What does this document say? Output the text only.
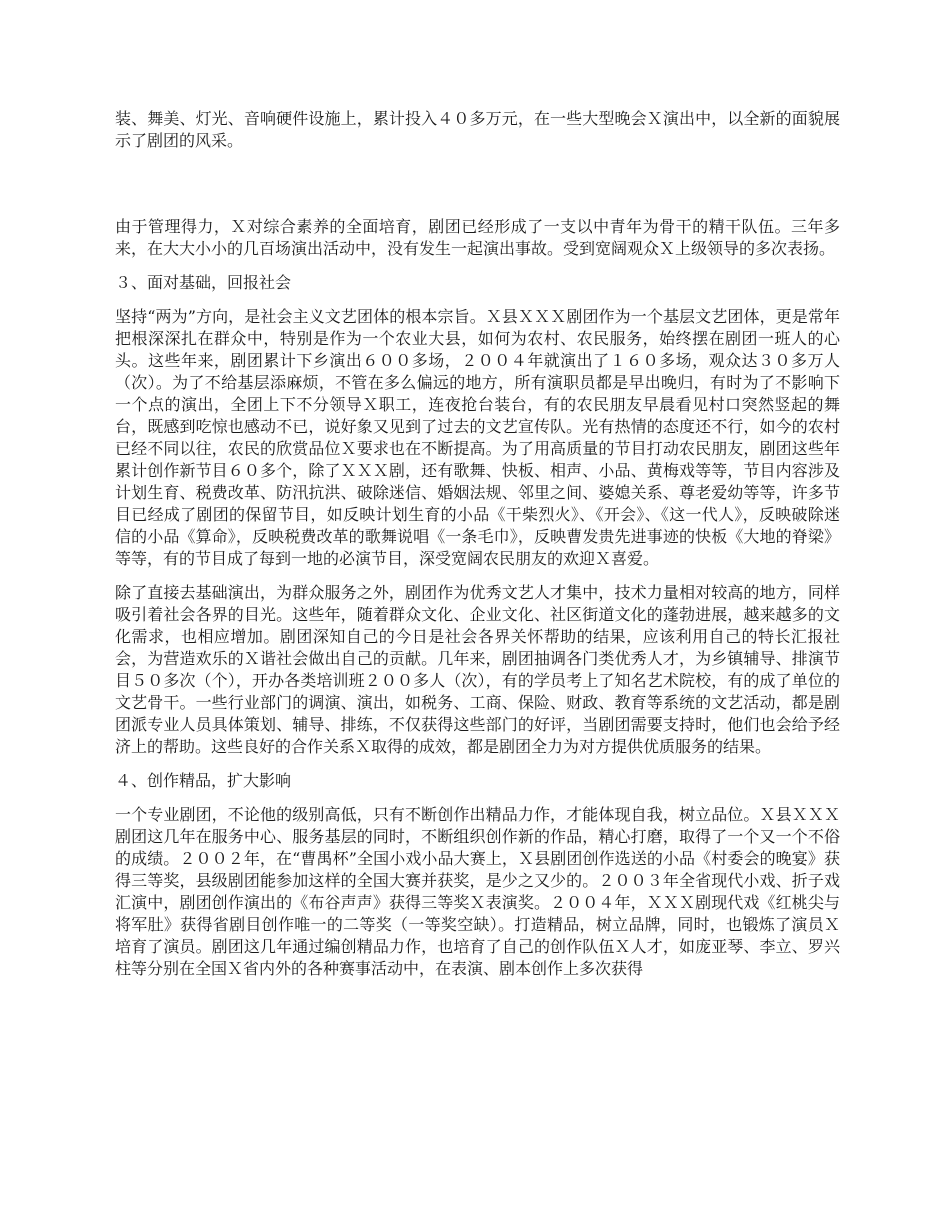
装、舞美、灯光、音响硬件设施上，累计投入４０多万元，在一些大型晚会Ｘ演出中，以全新的面貌展示了剧团的风采。

由于管理得力，Ｘ对综合素养的全面培育，剧团已经形成了一支以中青年为骨干的精干队伍。三年多来，在大大小小的几百场演出活动中，没有发生一起演出事故。受到宽阔观众Ｘ上级领导的多次表扬。

３、面对基础，回报社会

坚持“两为”方向，是社会主义文艺团体的根本宗旨。Ｘ县ＸＸＸ剧团作为一个基层文艺团体，更是常年把根深深扎在群众中，特别是作为一个农业大县，如何为农村、农民服务，始终摆在剧团一班人的心头。这些年来，剧团累计下乡演出６００多场，２００４年就演出了１６０多场，观众达３０多万人（次）。为了不给基层添麻烦，不管在多么偏远的地方，所有演职员都是早出晚归，有时为了不影响下一个点的演出，全团上下不分领导Ｘ职工，连夜抢台装台，有的农民朋友早晨看见村口突然竖起的舞台，既感到吃惊也感动不已，说好象又见到了过去的文艺宣传队。光有热情的态度还不行，如今的农村已经不同以往，农民的欣赏品位Ｘ要求也在不断提高。为了用高质量的节目打动农民朋友，剧团这些年累计创作新节目６０多个，除了ＸＸＸ剧，还有歌舞、快板、相声、小品、黄梅戏等等，节目内容涉及计划生育、税费改革、防汛抗洪、破除迷信、婚姻法规、邻里之间、婆媳关系、尊老爱幼等等，许多节目已经成了剧团的保留节目，如反映计划生育的小品《干柴烈火》、《开会》、《这一代人》，反映破除迷信的小品《算命》，反映税费改革的歌舞说唱《一条毛巾》，反映曹发贵先进事迹的快板《大地的脊梁》等等，有的节目成了每到一地的必演节目，深受宽阔农民朋友的欢迎Ｘ喜爱。

除了直接去基础演出，为群众服务之外，剧团作为优秀文艺人才集中，技术力量相对较高的地方，同样吸引着社会各界的目光。这些年，随着群众文化、企业文化、社区街道文化的蓬勃进展，越来越多的文化需求，也相应增加。剧团深知自己的今日是社会各界关怀帮助的结果，应该利用自己的特长汇报社会，为营造欢乐的Ｘ谐社会做出自己的贡献。几年来，剧团抽调各门类优秀人才，为乡镇辅导、排演节目５０多次（个），开办各类培训班２００多人（次），有的学员考上了知名艺术院校，有的成了单位的文艺骨干。一些行业部门的调演、演出，如税务、工商、保险、财政、教育等系统的文艺活动，都是剧团派专业人员具体策划、辅导、排练，不仅获得这些部门的好评，当剧团需要支持时，他们也会给予经济上的帮助。这些良好的合作关系Ｘ取得的成效，都是剧团全力为对方提供优质服务的结果。

４、创作精品，扩大影响

一个专业剧团，不论他的级别高低，只有不断创作出精品力作，才能体现自我，树立品位。Ｘ县ＸＸＸ剧团这几年在服务中心、服务基层的同时，不断组织创作新的作品，精心打磨，取得了一个又一个不俗的成绩。２００２年，在“曹禺杯”全国小戏小品大赛上，Ｘ县剧团创作选送的小品《村委会的晚宴》获得三等奖，县级剧团能参加这样的全国大赛并获奖，是少之又少的。２００３年全省现代小戏、折子戏汇演中，剧团创作演出的《布谷声声》获得三等奖Ｘ表演奖。２００４年，ＸＸＸ剧现代戏《红桃尖与将军肚》获得省剧目创作唯一的二等奖（一等奖空缺）。打造精品，树立品牌，同时，也锻炼了演员Ｘ培育了演员。剧团这几年通过编创精品力作，也培育了自己的创作队伍Ｘ人才，如庞亚琴、李立、罗兴柱等分别在全国Ｘ省内外的各种赛事活动中，在表演、剧本创作上多次获得
